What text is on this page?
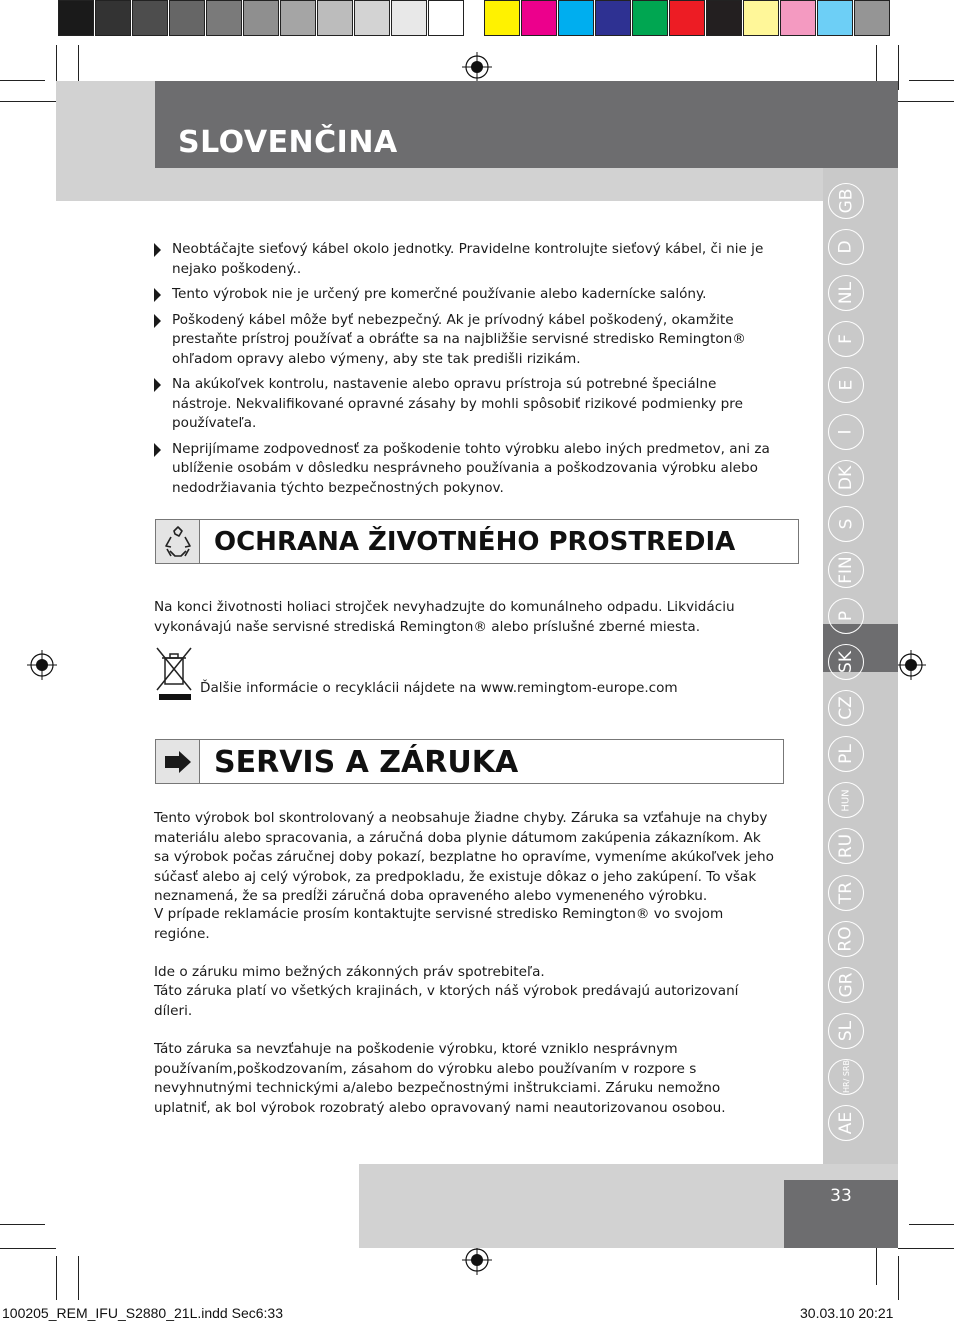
SLOVENČINA
GB
D
NL
F
E
I
DK
S
FIN
P
SK
CZ
PL
HUN
RU
TR
RO
GR
SL
HR/ SRB
AE
Neobtáčajte sieťový kábel okolo jednotky. Pravidelne kontrolujte sieťový kábel, či nie je nejako poškodený..
Tento výrobok nie je určený pre komerčné používanie alebo kadernícke salóny.
Poškodený kábel môže byť nebezpečný. Ak je prívodný kábel poškodený, okamžite prestaňte prístroj používať a obráťte sa na najbližšie servisné stredisko Remington® ohľadom opravy alebo výmeny, aby ste tak predišli rizikám.
Na akúkoľvek kontrolu, nastavenie alebo opravu prístroja sú potrebné špeciálne nástroje. Nekvalifikované opravné zásahy by mohli spôsobiť rizikové podmienky pre používateľa.
Neprijímame zodpovednosť za poškodenie tohto výrobku alebo iných predmetov, ani za ublíženie osobám v dôsledku nesprávneho používania a poškodzovania výrobku alebo nedodržiavania týchto bezpečnostných pokynov.
OCHRANA ŽIVOTNÉHO PROSTREDIA
Na konci životnosti holiaci strojček nevyhadzujte do komunálneho odpadu. Likvidáciu vykonávajú naše servisné strediská Remington® alebo príslušné zberné miesta.
Ďalšie informácie o recyklácii nájdete na www.remingtom-europe.com
SERVIS A ZÁRUKA
Tento výrobok bol skontrolovaný a neobsahuje žiadne chyby. Záruka sa vzťahuje na chyby materiálu alebo spracovania, a záručná doba plynie dátumom zakúpenia zákazníkom. Ak sa výrobok počas záručnej doby pokazí, bezplatne ho opravíme, vymeníme akúkoľvek jeho súčasť alebo aj celý výrobok, za predpokladu, že existuje dôkaz o jeho zakúpení. To však neznamená, že sa predĺži záručná doba opraveného alebo vymeneného výrobku.
V prípade reklamácie prosím kontaktujte servisné stredisko Remington® vo svojom regióne.
Ide o záruku mimo bežných zákonných práv spotrebiteľa.
Táto záruka platí vo všetkých krajinách, v ktorých náš výrobok predávajú autorizovaní díleri.
Táto záruka sa nevzťahuje na poškodenie výrobku, ktoré vzniklo nesprávnym používaním,poškodzovaním, zásahom do výrobku alebo používaním v rozpore s nevyhnutnými technickými a/alebo bezpečnostnými inštrukciami. Záruku nemožno uplatniť, ak bol výrobok rozobratý alebo opravovaný nami neautorizovanou osobou.
33
100205_REM_IFU_S2880_21L.indd Sec6:33	30.03.10 20:21
